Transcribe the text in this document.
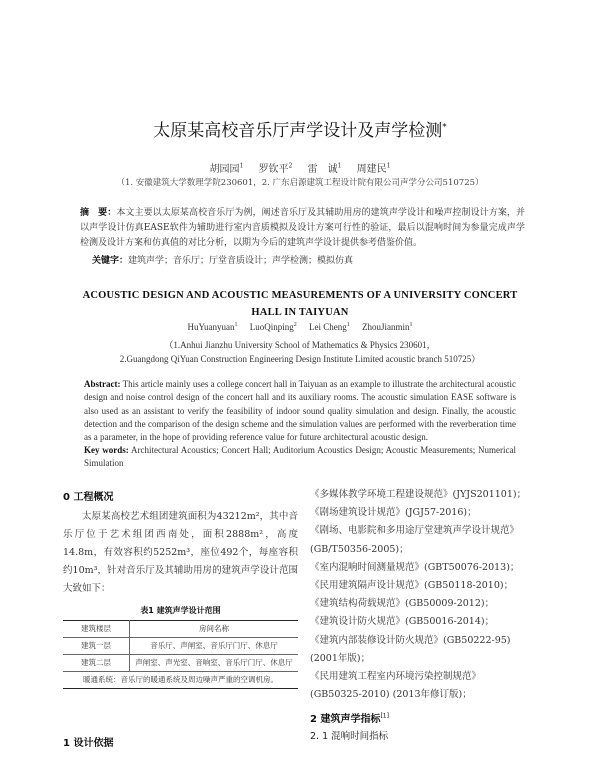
太原某高校音乐厅声学设计及声学检测*
胡园园$^1$ 罗钦平$^2$ 雷　诚$^1$ 周建民$^1$
（1. 安徽建筑大学数理学院230601，2. 广东启源建筑工程设计院有限公司声学分公司510725）
摘　要：本文主要以太原某高校音乐厅为例，阐述音乐厅及其辅助用房的建筑声学设计和噪声控制设计方案，并以声学设计仿真EASE软件为辅助进行室内音质模拟及设计方案可行性的验证，最后以混响时间为参量完成声学检测及设计方案和仿真值的对比分析，以期为今后的建筑声学设计提供参考借鉴价值。
关键字：建筑声学；音乐厅；厅堂音质设计；声学检测；模拟仿真
ACOUSTIC DESIGN AND ACOUSTIC MEASUREMENTS OF A UNIVERSITY CONCERT HALL IN TAIYUAN
HuYuanyuan$^1$ LuoQinping$^2$ Lei Cheng$^1$ ZhouJianmin$^1$
（1.Anhui Jianzhu University School of Mathematics & Physics 230601，
2.Guangdong QiYuan Construction Engineering Design Institute Limited acoustic branch 510725）
Abstract: This article mainly uses a college concert hall in Taiyuan as an example to illustrate the architectural acoustic design and noise control design of the concert hall and its auxiliary rooms. The acoustic simulation EASE software is also used as an assistant to verify the feasibility of indoor sound quality simulation and design. Finally, the acoustic detection and the comparison of the design scheme and the simulation values are performed with the reverberation time as a parameter, in the hope of providing reference value for future architectural acoustic design.
Key words: Architectural Acoustics; Concert Hall; Auditorium Acoustics Design; Acoustic Measurements; Numerical Simulation
0 工程概况
太原某高校艺术组团建筑面积为43212m²，其中音乐厅位于艺术组团西南处，面积2888m²，高度14.8m，有效容积约5252m³，座位492个，每座容积约10m³，针对音乐厅及其辅助用房的建筑声学设计范围大致如下：
表1 建筑声学设计范围
建筑楼层	房间名称
建筑一层	音乐厅、声闸室、音乐厅门厅、休息厅
建筑二层	声闸室、声光室、音响室、音乐厅门厅、休息厅
暖通系统：音乐厅的暖通系统及周边噪声严重的空调机房。	
1 设计依据
《多媒体教学环境工程建设规范》(JYJS201101)；
《剧场建筑设计规范》(JGJ57-2016)；
《剧场、电影院和多用途厅堂建筑声学设计规范》
(GB/T50356-2005)；
《室内混响时间测量规范》(GBT50076-2013)；
《民用建筑隔声设计规范》(GB50118-2010)；
《建筑结构荷载规范》(GB50009-2012)；
《建筑设计防火规范》(GB50016-2014)；
《建筑内部装修设计防火规范》(GB50222-95)
(2001年版)；
《民用建筑工程室内环境污染控制规范》
(GB50325-2010) (2013年修订版)；
2 建筑声学指标[1]
2. 1 混响时间指标
